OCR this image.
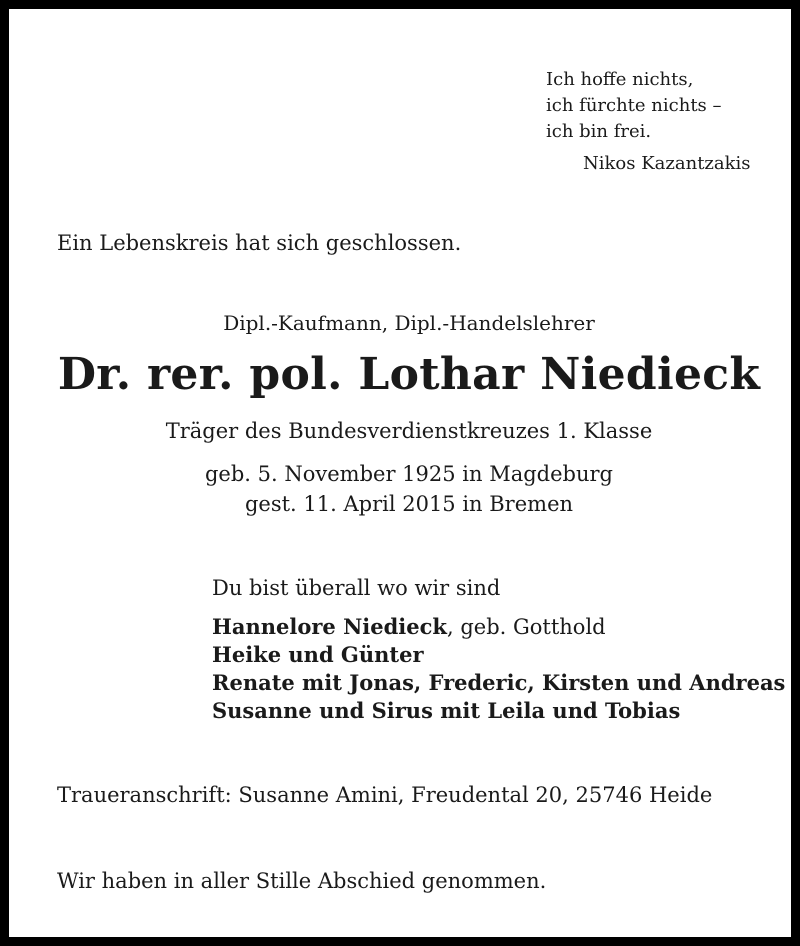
Ich hoffe nichts,
ich fürchte nichts –
ich bin frei.
Nikos Kazantzakis
Ein Lebenskreis hat sich geschlossen.
Dipl.-Kaufmann, Dipl.-Handelslehrer
Dr. rer. pol. Lothar Niedieck
Träger des Bundesverdienstkreuzes 1. Klasse
geb. 5. November 1925 in Magdeburg
gest. 11. April 2015 in Bremen
Du bist überall wo wir sind
Hannelore Niedieck, geb. Gotthold
Heike und Günter
Renate mit Jonas, Frederic, Kirsten und Andreas
Susanne und Sirus mit Leila und Tobias
Traueranschrift: Susanne Amini, Freudental 20, 25746 Heide
Wir haben in aller Stille Abschied genommen.
